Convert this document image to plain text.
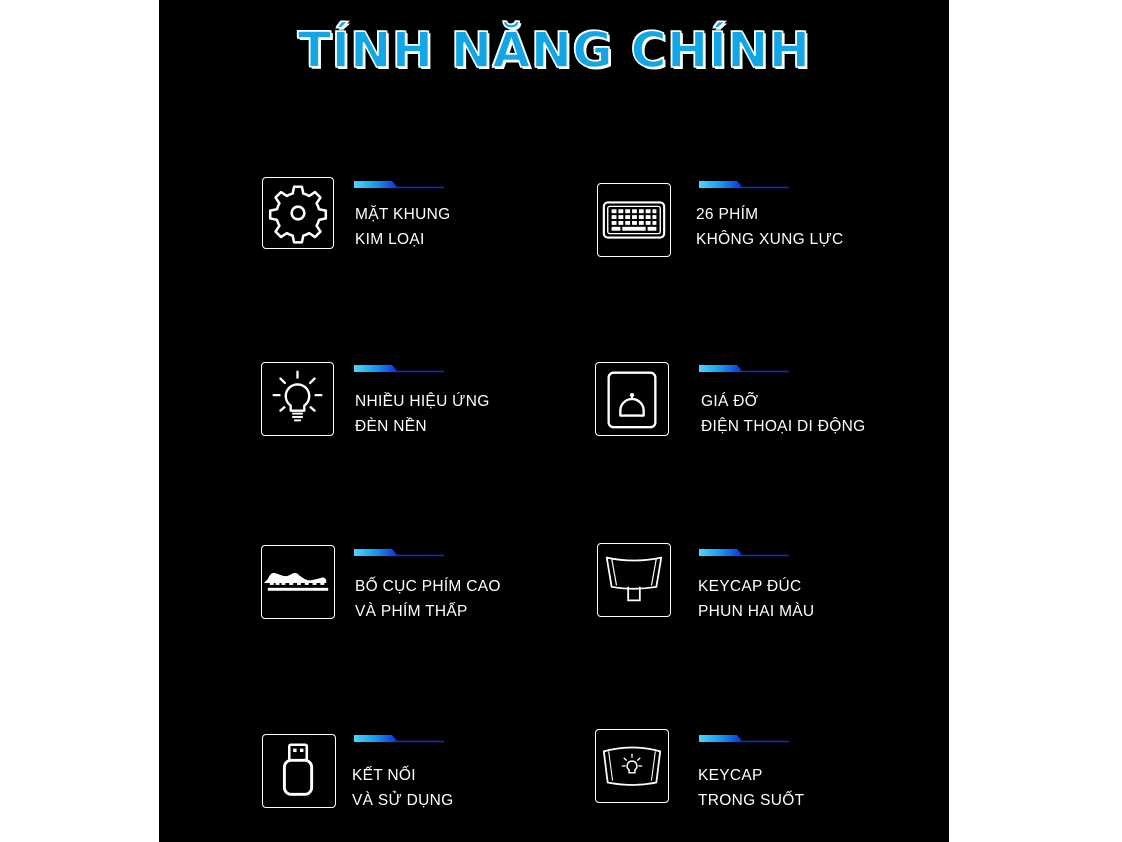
TÍNH NĂNG CHÍNH
MẶT KHUNG
KIM LOẠI
26 PHÍM
KHÔNG XUNG LỰC
NHIỀU HIỆU ỨNG
ĐÈN NỀN
GIÁ ĐỠ
ĐIỆN THOẠI DI ĐỘNG
BỐ CỤC PHÍM CAO
VÀ PHÍM THẤP
KEYCAP ĐÚC
PHUN HAI MÀU
KẾT NỐI
VÀ SỬ DỤNG
KEYCAP
TRONG SUỐT
